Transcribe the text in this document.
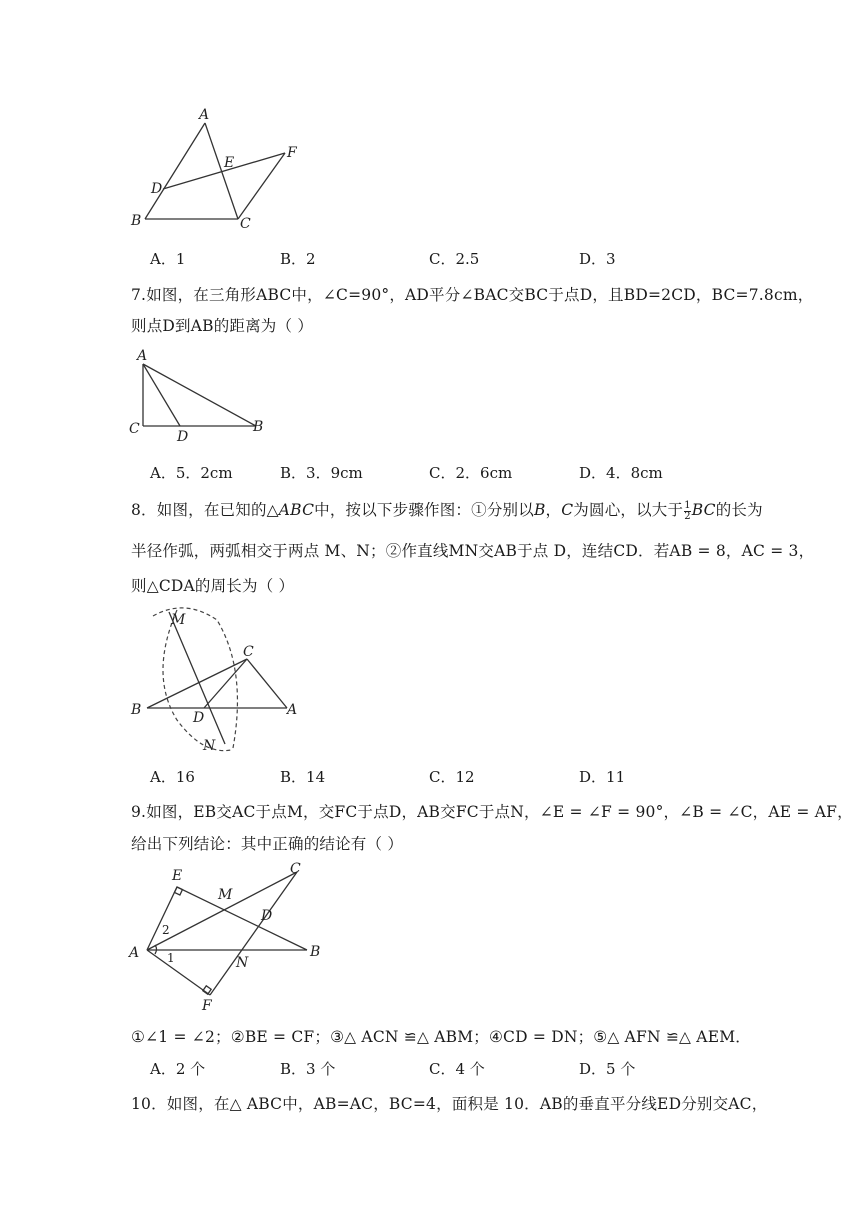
A
B	C
D
E
F
A．1	B．2	C．2.5	D．3
7.如图，在三角形ABC中，∠C=90°，AD平分∠BAC交BC于点D，且BD=2CD，BC=7.8cm，
则点D到AB的距离为（ ）
A
C	D
B
A．5．2cm	B．3．9cm	C．2．6cm	D．4．8cm
8．如图，在已知的△ABC中，按以下步骤作图：①分别以B，C为圆心，以大于 $\frac{1}{2}$ BC的长为
半径作弧，两弧相交于两点 M、N；②作直线MN交AB于点 D，连结CD．若AB = 8，AC = 3，
则△CDA的周长为（ ）
M
C
B	D	A
N
A．16	B．14	C．12	D．11
9.如图，EB交AC于点M，交FC于点D，AB交FC于点N，∠E = ∠F = 90°，∠B = ∠C，AE = AF，
给出下列结论：其中正确的结论有（ ）
E
M
C
D
A	B
N
F
2
1
①∠1 = ∠2；②BE = CF；③△ ACN ≌△ ABM；④CD = DN；⑤△ AFN ≌△ AEM．
A．2 个	B．3 个	C．4 个	D．5 个
10．如图，在△ ABC中，AB=AC，BC=4，面积是 10．AB的垂直平分线ED分别交AC，
